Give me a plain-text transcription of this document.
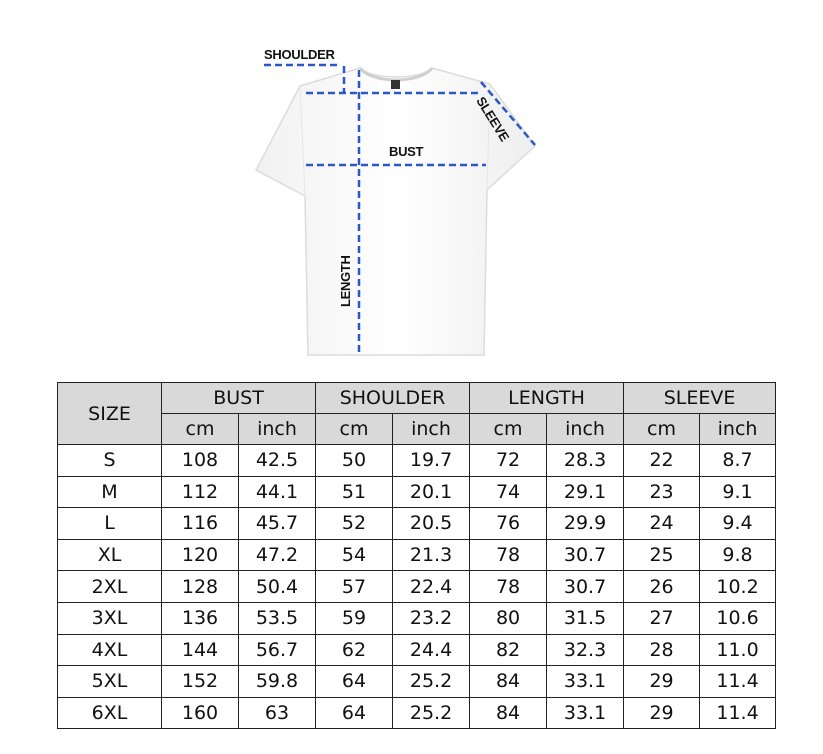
SHOULDER
BUST
SLEEVE
LENGTH
SIZE	BUST		SHOULDER		LENGTH		SLEEVE	
	cm	inch	cm	inch	cm	inch	cm	inch
S	108	42.5	50	19.7	72	28.3	22	8.7
M	112	44.1	51	20.1	74	29.1	23	9.1
L	116	45.7	52	20.5	76	29.9	24	9.4
XL	120	47.2	54	21.3	78	30.7	25	9.8
2XL	128	50.4	57	22.4	78	30.7	26	10.2
3XL	136	53.5	59	23.2	80	31.5	27	10.6
4XL	144	56.7	62	24.4	82	32.3	28	11.0
5XL	152	59.8	64	25.2	84	33.1	29	11.4
6XL	160	63	64	25.2	84	33.1	29	11.4
